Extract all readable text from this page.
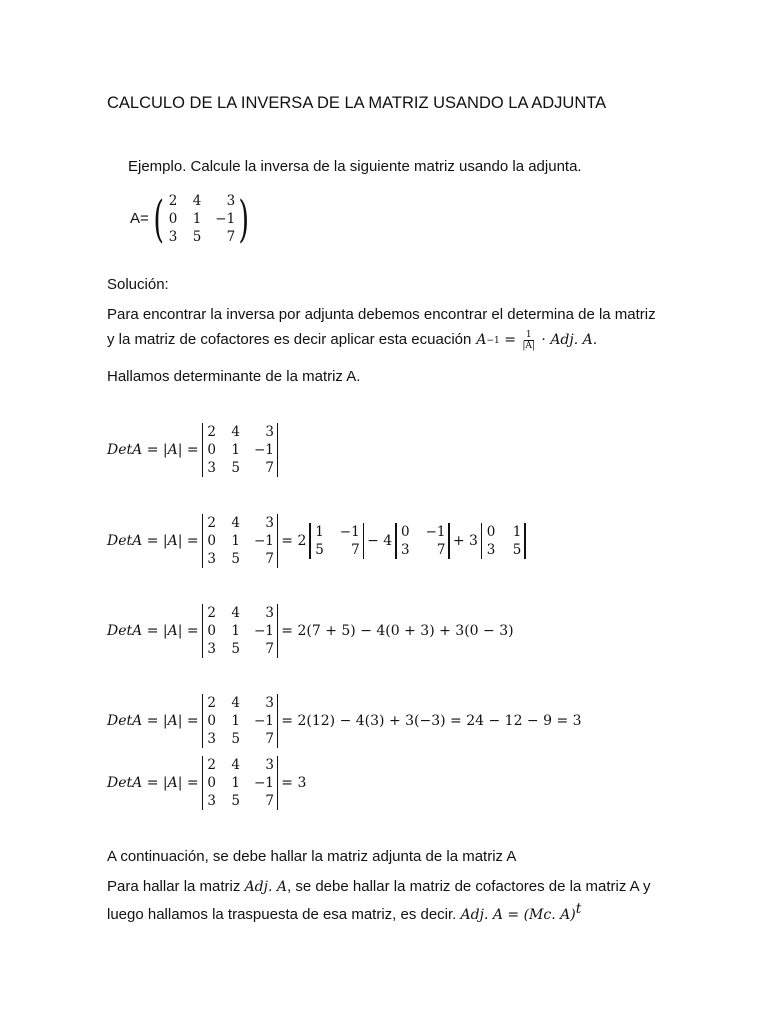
CALCULO DE LA INVERSA DE LA MATRIZ USANDO LA ADJUNTA
Ejemplo. Calcule la inversa de la siguiente matriz usando la adjunta.
A= ( 2 4	3
0 1 −1
3 5	7 )
Solución:
Para encontrar la inversa por adjunta debemos encontrar el determina de la matriz
y la matriz de cofactores es decir aplicar esta ecuación $A -1 = \frac{1}{|A|}$ · Adj. A.
Hallamos determinante de la matriz A.
DetA = |A| =
2 4	3
0 1 −1
3 5	7
DetA = |A| =
2 4	3
0 1 −1
3 5	7
= 2
1 −1
5	7
− 4
0 −1
3	7
+ 3
0 1
3 5
DetA = |A| =
2 4	3
0 1 −1
3 5	7
= 2(7 + 5) − 4(0 + 3) + 3(0 − 3)
DetA = |A| =
2 4	3
0 1 −1
3 5	7
= 2(12) − 4(3) + 3(−3) = 24 − 12 − 9 = 3
DetA = |A| =
2 4	3
0 1 −1
3 5	7
= 3
A continuación, se debe hallar la matriz adjunta de la matriz A
Para hallar la matriz Adj. A, se debe hallar la matriz de cofactores de la matriz A y
luego hallamos la traspuesta de esa matriz, es decir. Adj. A = (Mc. A)$^t$
